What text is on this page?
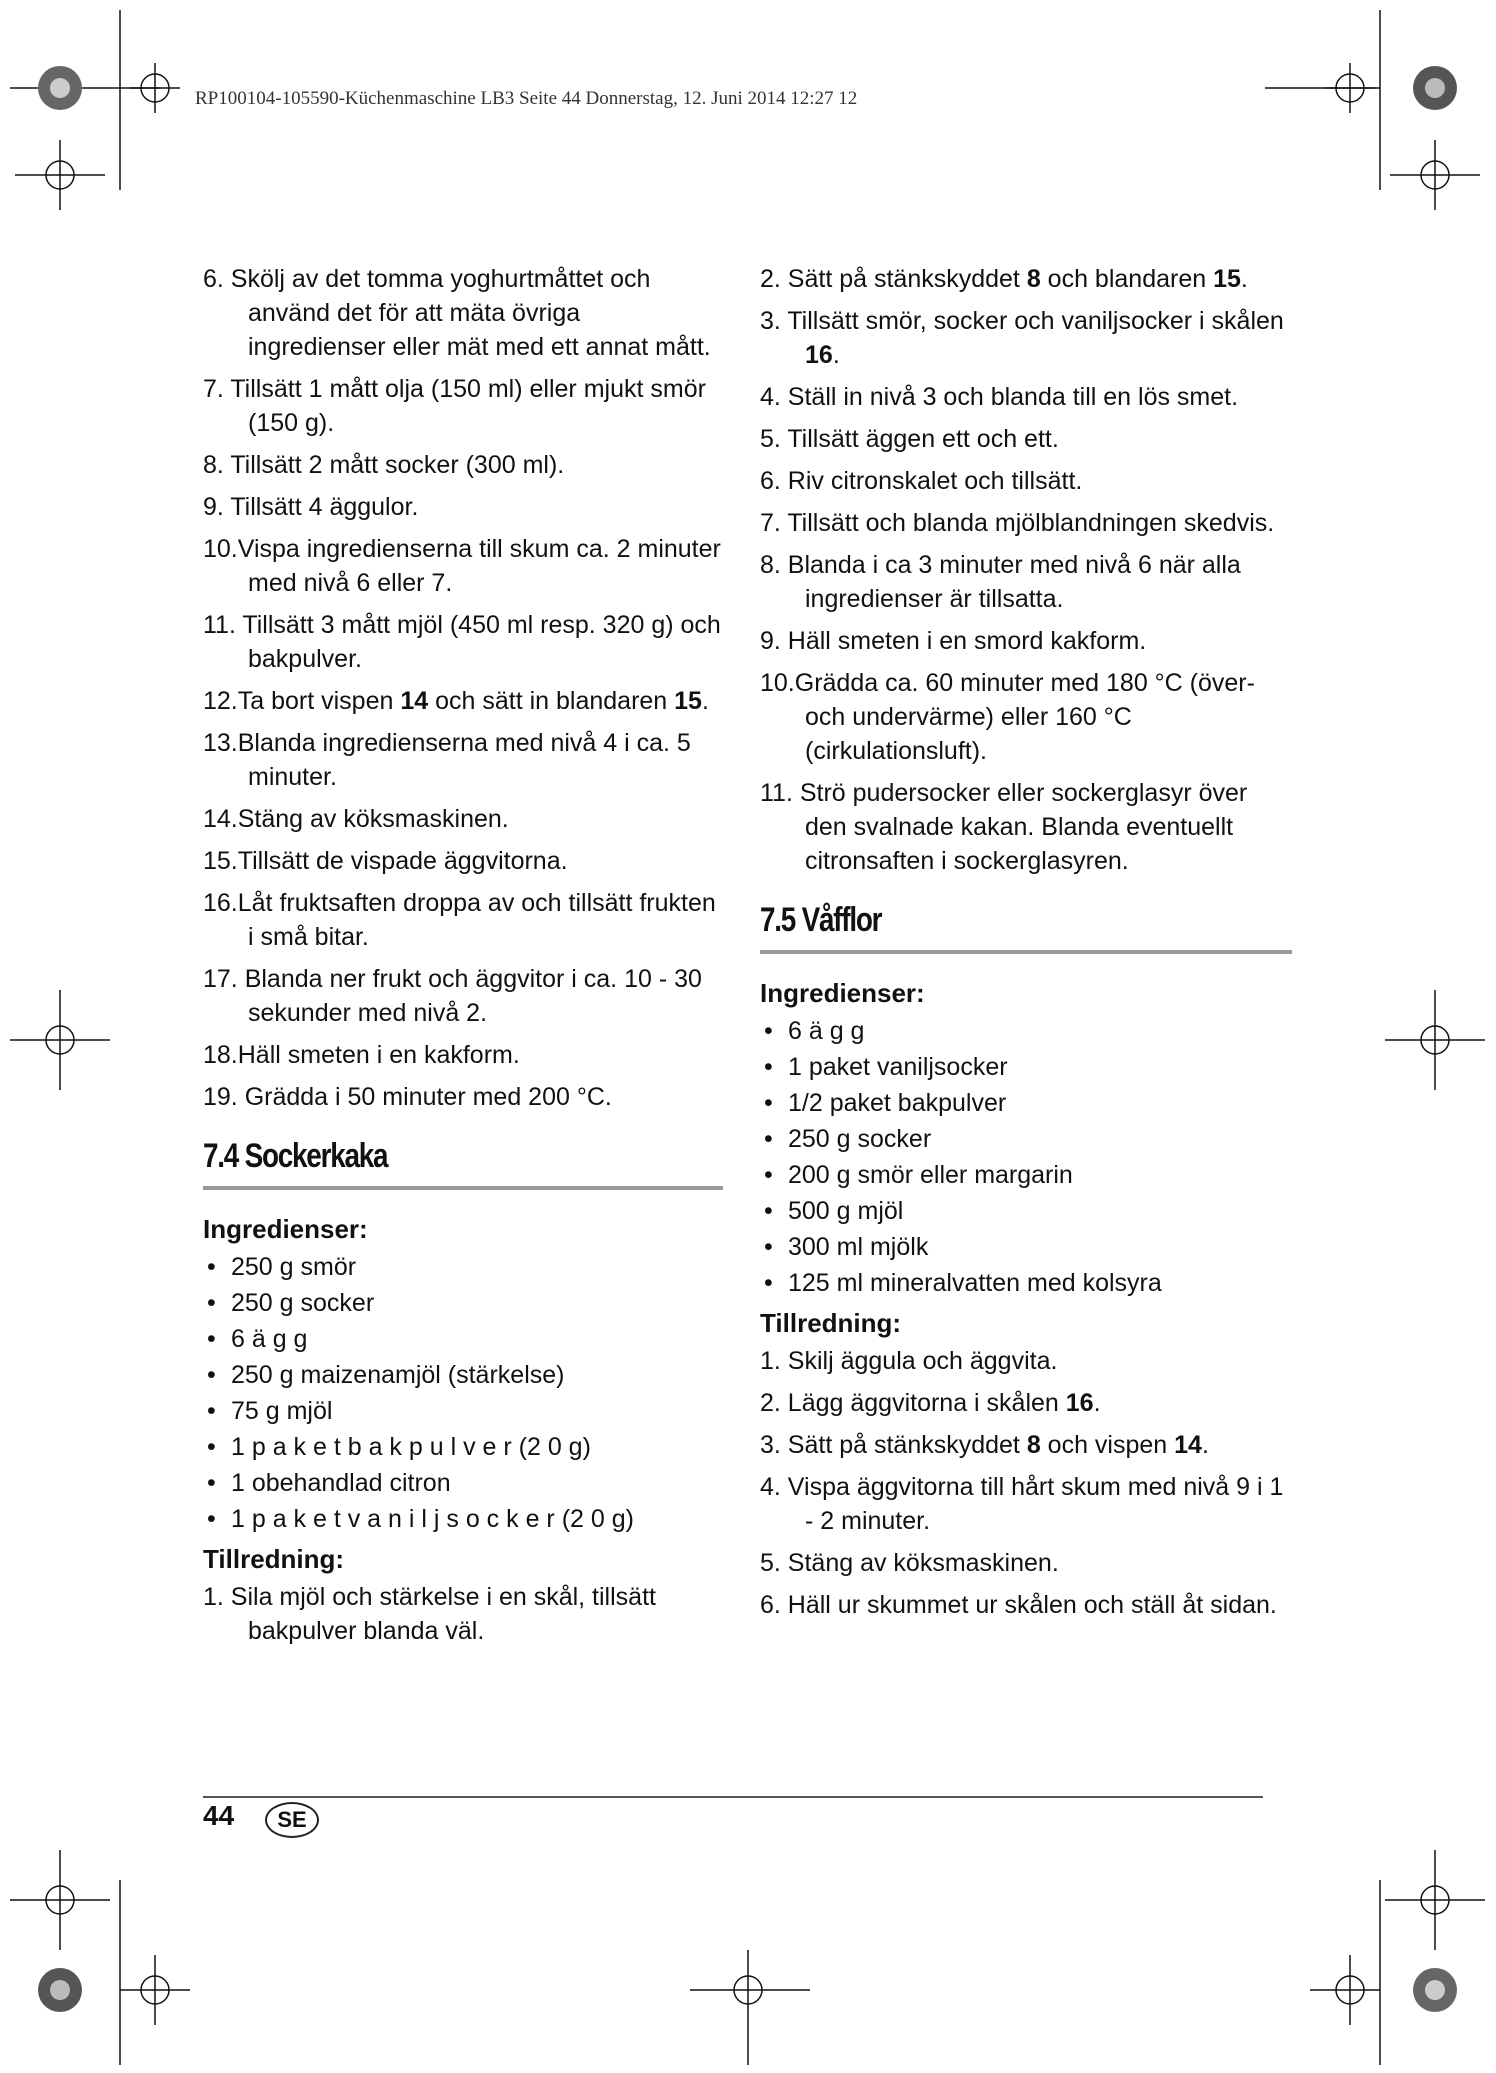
RP100104-105590-Küchenmaschine LB3 Seite 44 Donnerstag, 12. Juni 2014 12:27 12
6. Skölj av det tomma yoghurtmåttet och använd det för att mäta övriga ingredienser eller mät med ett annat mått.
7. Tillsätt 1 mått olja (150 ml) eller mjukt smör (150 g).
8. Tillsätt 2 mått socker (300 ml).
9. Tillsätt 4 äggulor.
10.Vispa ingredienserna till skum ca. 2 minuter med nivå 6 eller 7.
11. Tillsätt 3 mått mjöl (450 ml resp. 320 g) och bakpulver.
12.Ta bort vispen 14 och sätt in blandaren 15.
13.Blanda ingredienserna med nivå 4 i ca. 5 minuter.
14.Stäng av köksmaskinen.
15.Tillsätt de vispade äggvitorna.
16.Låt fruktsaften droppa av och tillsätt frukten i små bitar.
17. Blanda ner frukt och äggvitor i ca. 10 - 30 sekunder med nivå 2.
18.Häll smeten i en kakform.
19. Grädda i 50 minuter med 200 °C.
7.4 Sockerkaka
Ingredienser:
• 250 g smör
• 250 g socker
• 6 ä g g
• 250 g maizenamjöl (stärkelse)
• 75 g mjöl
• 1 p a k e t b a k p u l v e r (2 0 g)
• 1 obehandlad citron
• 1 p a k e t v a n i l j s o c k e r (2 0 g)
Tillredning:
1. Sila mjöl och stärkelse i en skål, tillsätt bakpulver blanda väl.
2. Sätt på stänkskyddet 8 och blandaren 15.
3. Tillsätt smör, socker och vaniljsocker i skålen 16.
4. Ställ in nivå 3 och blanda till en lös smet.
5. Tillsätt äggen ett och ett.
6. Riv citronskalet och tillsätt.
7. Tillsätt och blanda mjölblandningen skedvis.
8. Blanda i ca 3 minuter med nivå 6 när alla ingredienser är tillsatta.
9. Häll smeten i en smord kakform.
10.Grädda ca. 60 minuter med 180 °C (över- och undervärme) eller 160 °C (cirkulationsluft).
11. Strö pudersocker eller sockerglasyr över den svalnade kakan. Blanda eventuellt citronsaften i sockerglasyren.
7.5 Våfflor
Ingredienser:
• 6 ä g g
• 1 paket vaniljsocker
• 1/2 paket bakpulver
• 250 g socker
• 200 g smör eller margarin
• 500 g mjöl
• 300 ml mjölk
• 125 ml mineralvatten med kolsyra
Tillredning:
1. Skilj äggula och äggvita.
2. Lägg äggvitorna i skålen 16.
3. Sätt på stänkskyddet 8 och vispen 14.
4. Vispa äggvitorna till hårt skum med nivå 9 i 1 - 2 minuter.
5. Stäng av köksmaskinen.
6. Häll ur skummet ur skålen och ställ åt sidan.
44	SE
